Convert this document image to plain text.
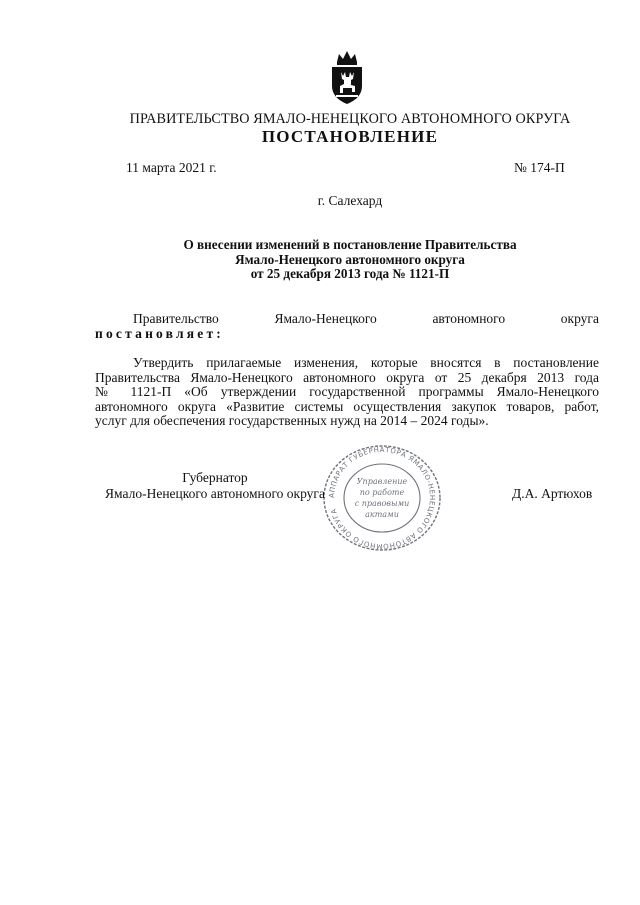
ПРАВИТЕЛЬСТВО ЯМАЛО-НЕНЕЦКОГО АВТОНОМНОГО ОКРУГА
ПОСТАНОВЛЕНИЕ
11 марта 2021 г.	№ 174-П
г. Салехард
О внесении изменений в постановление Правительства
Ямало-Ненецкого автономного округа
от 25 декабря 2013 года № 1121-П
Правительство	Ямало-Ненецкого	автономного	округа
постановляет:
Утвердить прилагаемые изменения, которые вносятся в постановление
Правительства Ямало-Ненецкого автономного округа от 25 декабря 2013 года
№ 1121-П «Об утверждении государственной программы Ямало-Ненецкого
автономного округа «Развитие системы осуществления закупок товаров, работ,
услуг для обеспечения государственных нужд на 2014 – 2024 годы».
АППАРАТ ГУБЕРНАТОРА ЯМАЛО-НЕНЕЦКОГО АВТОНОМНОГО ОКРУГА
Управление
по работе
с правовыми
актами
Губернатор
Ямало-Ненецкого автономного округа	Д.А. Артюхов
